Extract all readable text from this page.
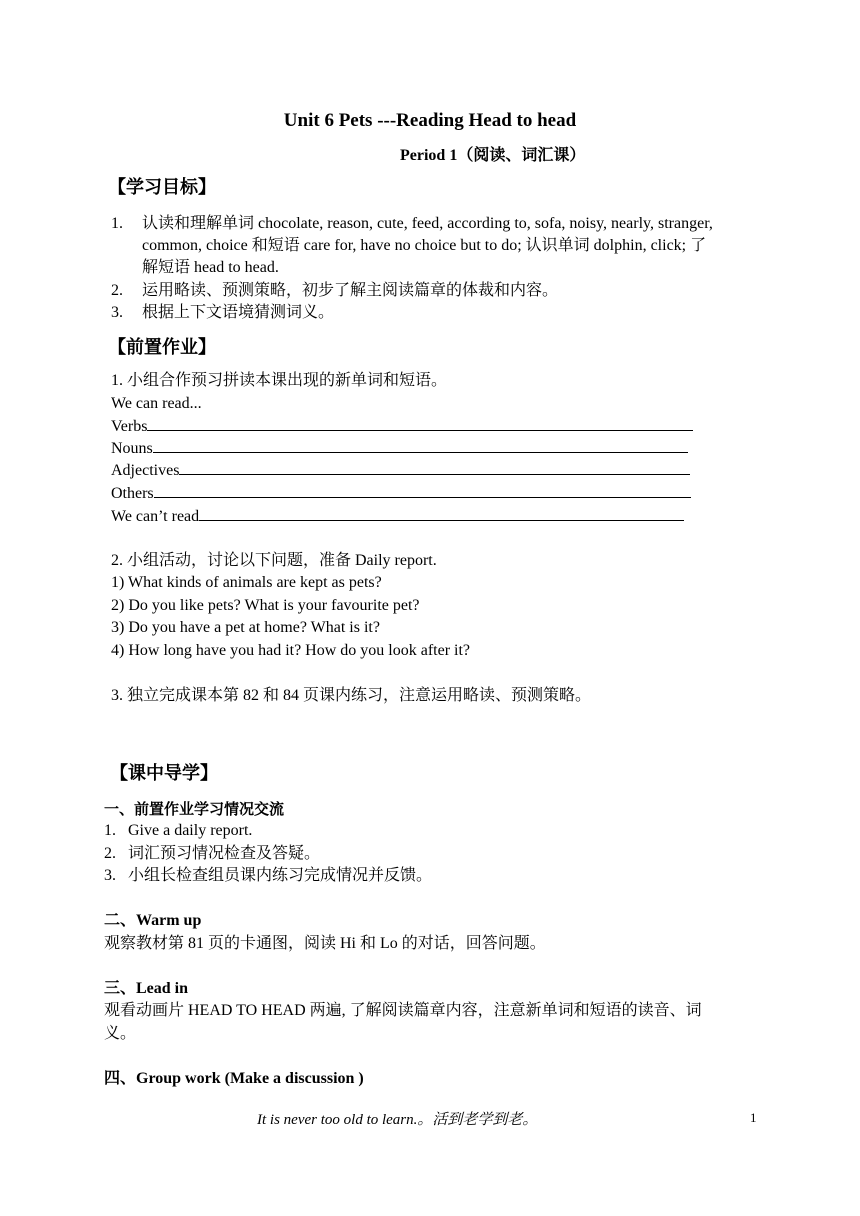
Unit 6 Pets ---Reading Head to head
Period 1（阅读、词汇课）
【学习目标】
1.	认读和理解单词 chocolate, reason, cute, feed, according to, sofa, noisy, nearly, stranger,
common, choice 和短语 care for, have no choice but to do; 认识单词 dolphin, click; 了
解短语 head to head.
2. 运用略读、预测策略，初步了解主阅读篇章的体裁和内容。
3. 根据上下文语境猜测词义。
【前置作业】
1. 小组合作预习拼读本课出现的新单词和短语。
We can read...
Verbs
Nouns
Adjectives
Others
We can’t read
2. 小组活动，讨论以下问题，准备 Daily report.
1) What kinds of animals are kept as pets?
2) Do you like pets? What is your favourite pet?
3) Do you have a pet at home? What is it?
4) How long have you had it? How do you look after it?
3. 独立完成课本第 82 和 84 页课内练习，注意运用略读、预测策略。
【课中导学】
一、前置作业学习情况交流
1. Give a daily report.
2. 词汇预习情况检查及答疑。
3. 小组长检查组员课内练习完成情况并反馈。
二、Warm up
观察教材第 81 页的卡通图，阅读 Hi 和 Lo 的对话，回答问题。
三、Lead in
观看动画片 HEAD TO HEAD 两遍, 了解阅读篇章内容，注意新单词和短语的读音、词
义。
四、Group work (Make a discussion )
It is never too old to learn.。活到老学到老。	1
